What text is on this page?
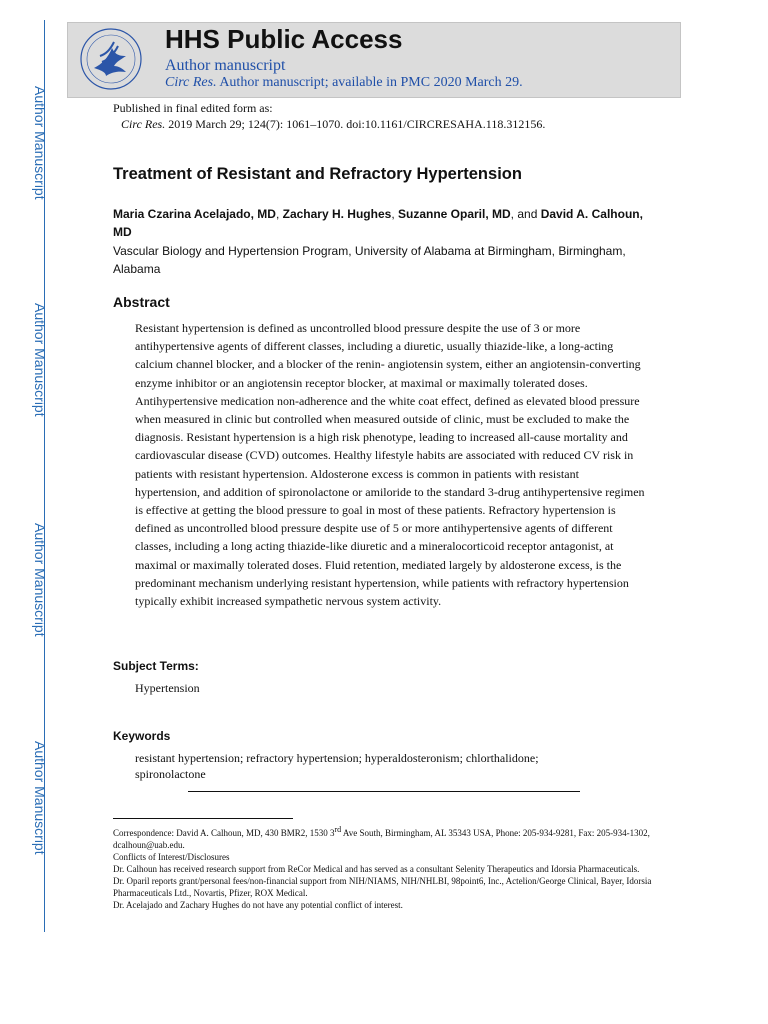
Author Manuscript
Author Manuscript
Author Manuscript
Author Manuscript
HHS Public Access
Author manuscript
Circ Res. Author manuscript; available in PMC 2020 March 29.
Published in final edited form as:
Circ Res. 2019 March 29; 124(7): 1061–1070. doi:10.1161/CIRCRESAHA.118.312156.
Treatment of Resistant and Refractory Hypertension
Maria Czarina Acelajado, MD, Zachary H. Hughes, Suzanne Oparil, MD, and David A. Calhoun, MD
Vascular Biology and Hypertension Program, University of Alabama at Birmingham, Birmingham, Alabama
Abstract

Resistant hypertension is defined as uncontrolled blood pressure despite the use of 3 or more antihypertensive agents of different classes, including a diuretic, usually thiazide-like, a long-acting calcium channel blocker, and a blocker of the renin- angiotensin system, either an angiotensin-converting enzyme inhibitor or an angiotensin receptor blocker, at maximal or maximally tolerated doses. Antihypertensive medication non-adherence and the white coat effect, defined as elevated blood pressure when measured in clinic but controlled when measured outside of clinic, must be excluded to make the diagnosis. Resistant hypertension is a high risk phenotype, leading to increased all-cause mortality and cardiovascular disease (CVD) outcomes. Healthy lifestyle habits are associated with reduced CV risk in patients with resistant hypertension. Aldosterone excess is common in patients with resistant hypertension, and addition of spironolactone or amiloride to the standard 3-drug antihypertensive regimen is effective at getting the blood pressure to goal in most of these patients. Refractory hypertension is defined as uncontrolled blood pressure despite use of 5 or more antihypertensive agents of different classes, including a long acting thiazide-like diuretic and a mineralocorticoid receptor antagonist, at maximal or maximally tolerated doses. Fluid retention, mediated largely by aldosterone excess, is the predominant mechanism underlying resistant hypertension, while patients with refractory hypertension typically exhibit increased sympathetic nervous system activity.

Subject Terms:
Hypertension
Keywords
resistant hypertension; refractory hypertension; hyperaldosteronism; chlorthalidone; spironolactone

Correspondence: David A. Calhoun, MD, 430 BMR2, 1530 3rd Ave South, Birmingham, AL 35343 USA, Phone: 205-934-9281, Fax: 205-934-1302, dcalhoun@uab.edu.

Conflicts of Interest/Disclosures

Dr. Calhoun has received research support from ReCor Medical and has served as a consultant Selenity Therapeutics and Idorsia Pharmaceuticals.

Dr. Oparil reports grant/personal fees/non-financial support from NIH/NIAMS, NIH/NHLBI, 98point6, Inc., Actelion/George Clinical, Bayer, Idorsia Pharmaceuticals Ltd., Novartis, Pfizer, ROX Medical.

Dr. Acelajado and Zachary Hughes do not have any potential conflict of interest.
